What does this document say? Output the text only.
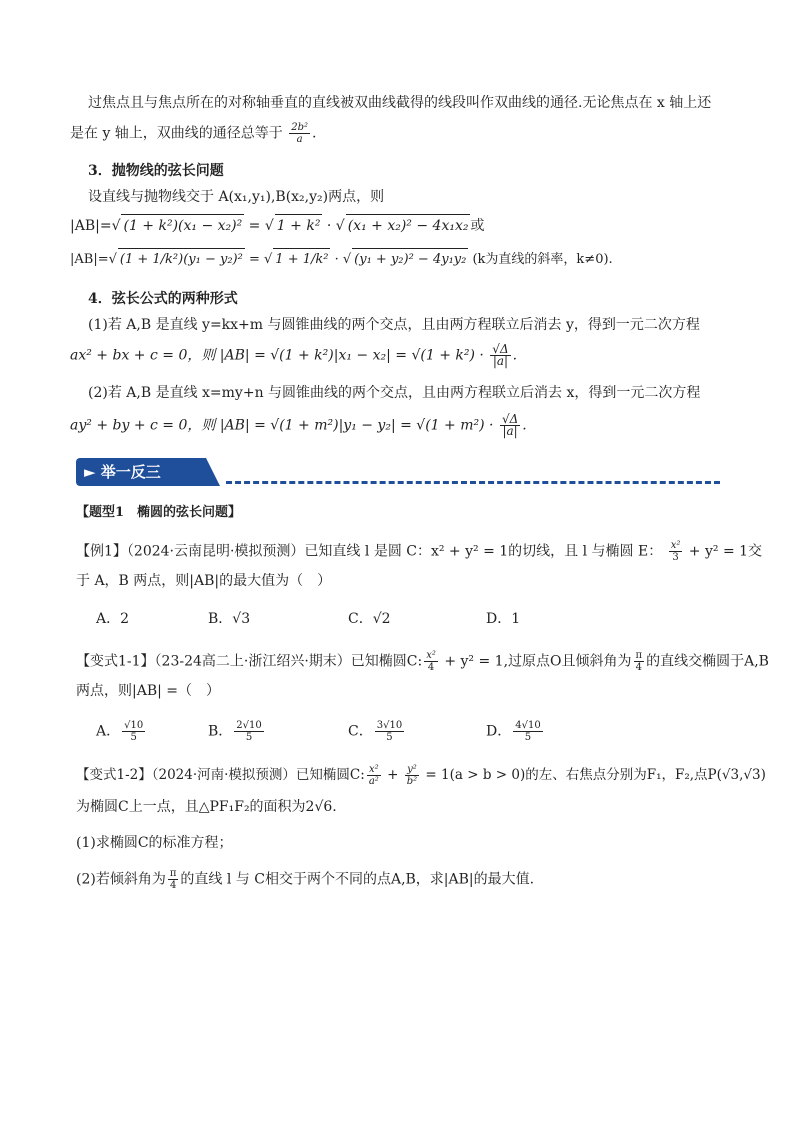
过焦点且与焦点所在的对称轴垂直的直线被双曲线截得的线段叫作双曲线的通径.无论焦点在 x 轴上还
是在 y 轴上，双曲线的通径总等于 $\frac{\text{2b²}}{a}$ .
3．抛物线的弦长问题
设直线与抛物线交于 A(x₁,y₁),B(x₂,y₂)两点，则
|AB|= √ (1 + k²)(x₁ − x₂)² = √ 1 + k² · √ (x₁ + x₂)² − 4x₁x₂ 或
|AB|= √ (1 + 1/k²)(y₁ − y₂)² = √ 1 + 1/k² · √ (y₁ + y₂)² − 4y₁y₂ (k为直线的斜率，k≠0).
4．弦长公式的两种形式
(1)若 A,B 是直线 y=kx+m 与圆锥曲线的两个交点，且由两方程联立后消去 y，得到一元二次方程
ax² + bx + c = 0，则 $|AB| = √(1 + k^2)|x_1 - x_2| = √(1 + k^2) \cdot \frac{√\Delta}{|a|}$ .
(2)若 A,B 是直线 x=my+n 与圆锥曲线的两个交点，且由两方程联立后消去 x，得到一元二次方程
ay² + by + c = 0，则 $|AB| = √(1 + m^2)|y_1 - y_2| = √(1 + m^2) \cdot \frac{√\Delta}{|a|}$ .
► 举一反三
【题型1　椭圆的弦长问题】
【例1】（2024·云南昆明·模拟预测）已知直线 l 是圆 C：x² + y² = 1的切线，且 l 与椭圆 E： $\frac{\text{x²}}{3} + y^2 = 1$交
于 A，B 两点，则|AB|的最大值为（　）
A．2	B．√3	C．√2	D．1
【变式1-1】（23-24高二上·浙江绍兴·期末）已知椭圆C: $\frac{\text{x²}}{4} + y^2 = 1$,过原点O且倾斜角为 $\frac{\pi}{4}$ 的直线交椭圆于A,B
两点，则|AB| =（　）
A． $\frac{√10}{5}$	B． $\frac{2√10}{5}$	C． $\frac{3√10}{5}$	D． $\frac{4√10}{5}$
【变式1-2】（2024·河南·模拟预测）已知椭圆C: $\frac{\text{x²}}{\text{a²}} + \frac{\text{y²}}{\text{b²}} = 1(a > b > 0)$的左、右焦点分别为F₁，F₂,点P(√3,√3)
为椭圆C上一点，且△PF₁F₂的面积为2√6.
(1)求椭圆C的标准方程；
(2)若倾斜角为 $\frac{\pi}{4}$ 的直线 l 与 C相交于两个不同的点A,B，求|AB|的最大值.
